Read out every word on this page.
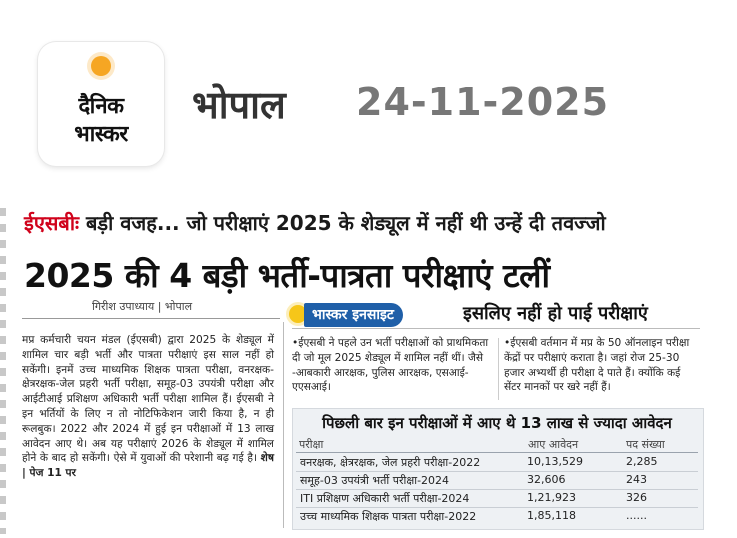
दैनिक
भास्कर
भोपाल 24-11-2025
ईएसबीः बड़ी वजह... जो परीक्षाएं 2025 के शेड्यूल में नहीं थी उन्हें दी तवज्जो
2025 की 4 बड़ी भर्ती-पात्रता परीक्षाएं टलीं
गिरीश उपाध्याय | भोपाल
मप्र कर्मचारी चयन मंडल (ईएसबी) द्वारा 2025 के शेड्यूल में शामिल चार बड़ी भर्ती और पात्रता परीक्षाएं इस साल नहीं हो सकेंगी। इनमें उच्च माध्यमिक शिक्षक पात्रता परीक्षा, वनरक्षक-क्षेत्ररक्षक-जेल प्रहरी भर्ती परीक्षा, समूह-03 उपयंत्री परीक्षा और आईटीआई प्रशिक्षण अधिकारी भर्ती परीक्षा शामिल हैं। ईएसबी ने इन भर्तियों के लिए न तो नोटिफिकेशन जारी किया है, न ही रूलबुक। 2022 और 2024 में हुई इन परीक्षाओं में 13 लाख आवेदन आए थे। अब यह परीक्षाएं 2026 के शेड्यूल में शामिल होने के बाद हो सकेंगी। ऐसे में युवाओं की परेशानी बढ़ गई है। शेष | पेज 11 पर
भास्कर इनसाइट	इसलिए नहीं हो पाई परीक्षाएं
•ईएसबी ने पहले उन भर्ती परीक्षाओं को प्राथमिकता दी जो मूल 2025 शेड्यूल में शामिल नहीं थीं। जैसे -आबकारी आरक्षक, पुलिस आरक्षक, एसआई-एएसआई।
•ईएसबी वर्तमान में मप्र के 50 ऑनलाइन परीक्षा केंद्रों पर परीक्षाएं कराता है। जहां रोज 25-30 हजार अभ्यर्थी ही परीक्षा दे पाते हैं। क्योंकि कई सेंटर मानकों पर खरे नहीं हैं।
पिछली बार इन परीक्षाओं में आए थे 13 लाख से ज्यादा आवेदन
परीक्षा	आए आवेदन	पद संख्या
वनरक्षक, क्षेत्ररक्षक, जेल प्रहरी परीक्षा-2022	10,13,529	2,285
समूह-03 उपयंत्री भर्ती परीक्षा-2024	32,606	243
ITI प्रशिक्षण अधिकारी भर्ती परीक्षा-2024	1,21,923	326
उच्च माध्यमिक शिक्षक पात्रता परीक्षा-2022	1,85,118	......
